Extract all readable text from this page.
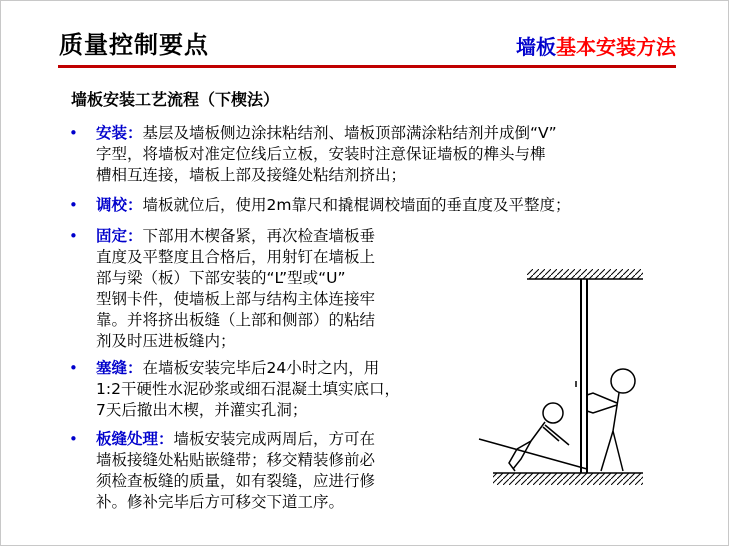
质量控制要点	墙板基本安装方法
墙板安装工艺流程（下楔法）
• 安装：基层及墙板侧边涂抹粘结剂、墙板顶部满涂粘结剂并成倒“V”
字型，将墙板对准定位线后立板，安装时注意保证墙板的榫头与榫
槽相互连接，墙板上部及接缝处粘结剂挤出；
• 调校：墙板就位后，使用2m靠尺和撬棍调校墙面的垂直度及平整度；
• 固定：下部用木楔备紧，再次检查墙板垂
直度及平整度且合格后，用射钉在墙板上
部与梁（板）下部安装的“L”型或“U”
型钢卡件，使墙板上部与结构主体连接牢
靠。并将挤出板缝（上部和侧部）的粘结
剂及时压进板缝内；
• 塞缝：在墙板安装完毕后24小时之内，用
1:2干硬性水泥砂浆或细石混凝土填实底口，
7天后撤出木楔，并灌实孔洞；
• 板缝处理：墙板安装完成两周后，方可在
墙板接缝处粘贴嵌缝带；移交精装修前必
须检查板缝的质量，如有裂缝，应进行修
补。修补完毕后方可移交下道工序。
